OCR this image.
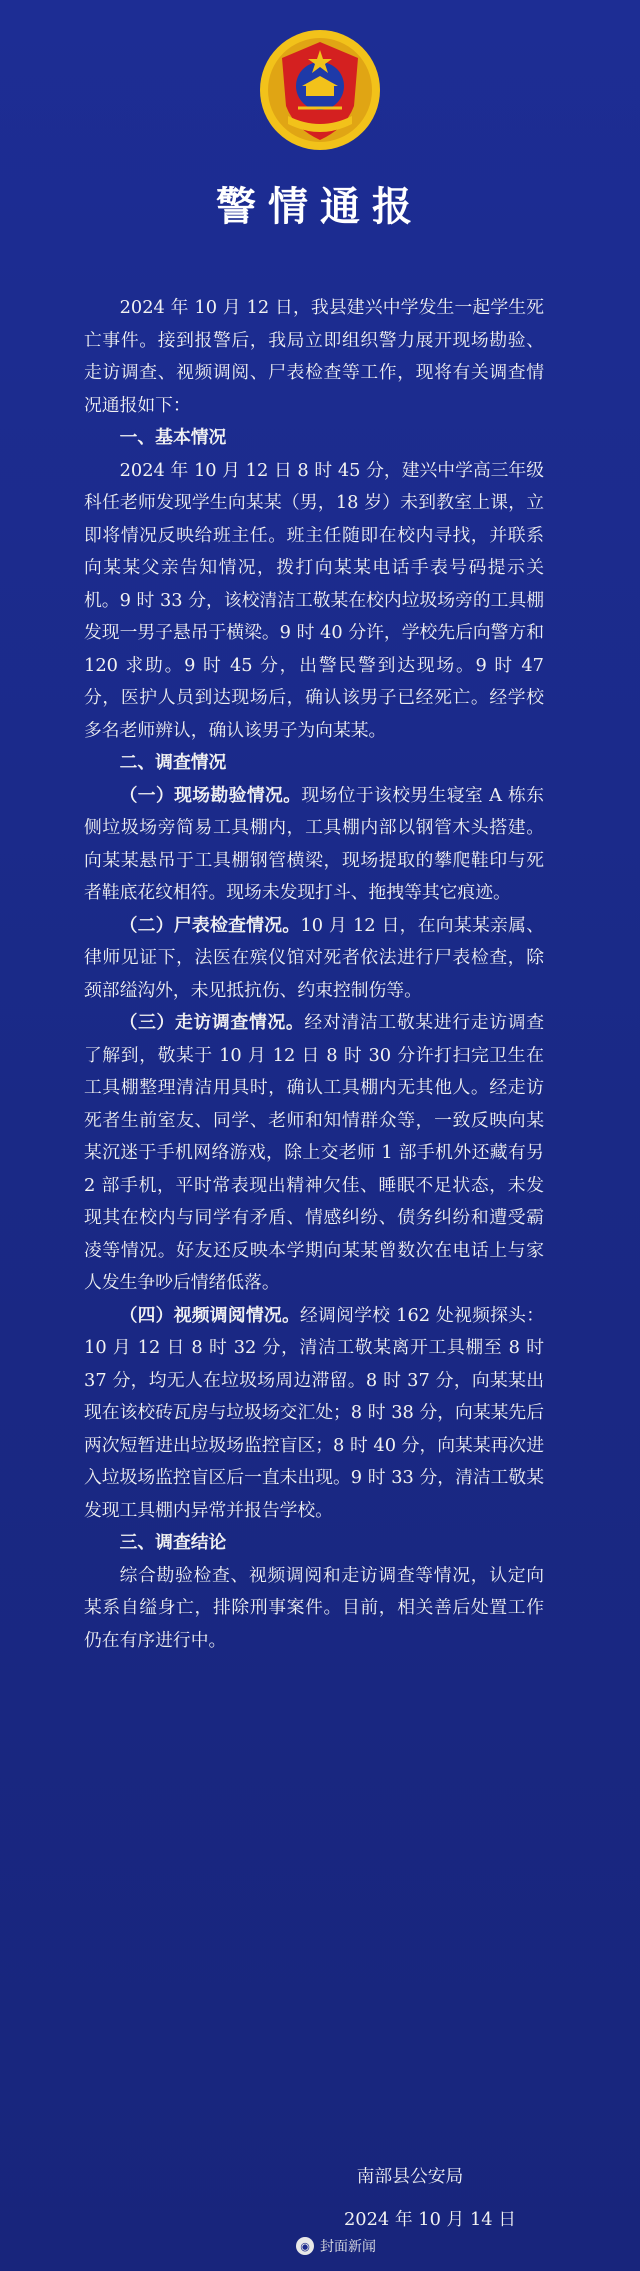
警情通报

2024 年 10 月 12 日，我县建兴中学发生一起学生死亡事件。接到报警后，我局立即组织警力展开现场勘验、走访调查、视频调阅、尸表检查等工作，现将有关调查情况通报如下：

一、基本情况

2024 年 10 月 12 日 8 时 45 分，建兴中学高三年级科任老师发现学生向某某（男，18 岁）未到教室上课，立即将情况反映给班主任。班主任随即在校内寻找，并联系向某某父亲告知情况，拨打向某某电话手表号码提示关机。9 时 33 分，该校清洁工敬某在校内垃圾场旁的工具棚发现一男子悬吊于横梁。9 时 40 分许，学校先后向警方和 120 求助。9 时 45 分，出警民警到达现场。9 时 47 分，医护人员到达现场后，确认该男子已经死亡。经学校多名老师辨认，确认该男子为向某某。

二、调查情况

（一）现场勘验情况。现场位于该校男生寝室 A 栋东侧垃圾场旁简易工具棚内，工具棚内部以钢管木头搭建。向某某悬吊于工具棚钢管横梁，现场提取的攀爬鞋印与死者鞋底花纹相符。现场未发现打斗、拖拽等其它痕迹。

（二）尸表检查情况。10 月 12 日，在向某某亲属、律师见证下，法医在殡仪馆对死者依法进行尸表检查，除颈部缢沟外，未见抵抗伤、约束控制伤等。

（三）走访调查情况。经对清洁工敬某进行走访调查了解到，敬某于 10 月 12 日 8 时 30 分许打扫完卫生在工具棚整理清洁用具时，确认工具棚内无其他人。经走访死者生前室友、同学、老师和知情群众等，一致反映向某某沉迷于手机网络游戏，除上交老师 1 部手机外还藏有另 2 部手机，平时常表现出精神欠佳、睡眠不足状态，未发现其在校内与同学有矛盾、情感纠纷、债务纠纷和遭受霸凌等情况。好友还反映本学期向某某曾数次在电话上与家人发生争吵后情绪低落。

（四）视频调阅情况。经调阅学校 162 处视频探头：10 月 12 日 8 时 32 分，清洁工敬某离开工具棚至 8 时 37 分，均无人在垃圾场周边滞留。8 时 37 分，向某某出现在该校砖瓦房与垃圾场交汇处；8 时 38 分，向某某先后两次短暂进出垃圾场监控盲区；8 时 40 分，向某某再次进入垃圾场监控盲区后一直未出现。9 时 33 分，清洁工敬某发现工具棚内异常并报告学校。

三、调查结论

综合勘验检查、视频调阅和走访调查等情况，认定向某系自缢身亡，排除刑事案件。目前，相关善后处置工作仍在有序进行中。

南部县公安局
2024 年 10 月 14 日
◉ 封面新闻
